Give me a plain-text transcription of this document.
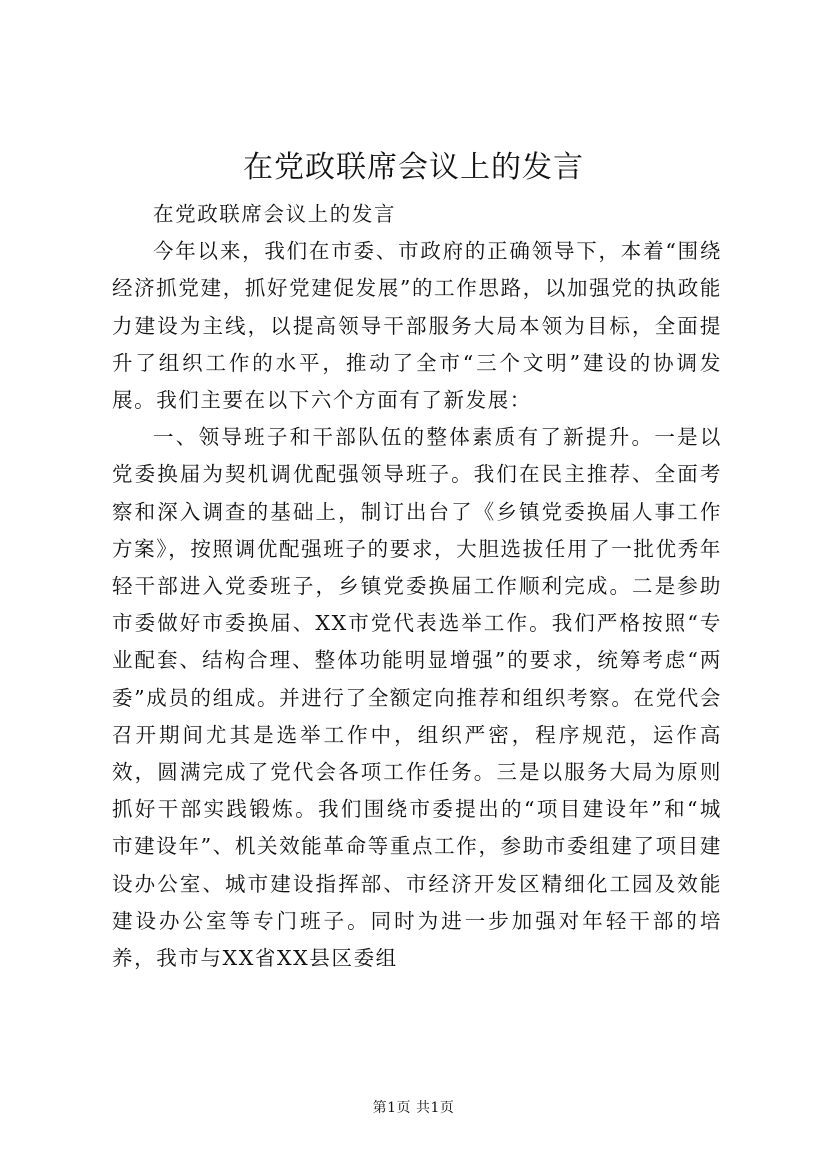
在党政联席会议上的发言

在党政联席会议上的发言

今年以来，我们在市委、市政府的正确领导下，本着“围绕经济抓党建，抓好党建促发展”的工作思路，以加强党的执政能力建设为主线，以提高领导干部服务大局本领为目标，全面提升了组织工作的水平，推动了全市“三个文明”建设的协调发展。我们主要在以下六个方面有了新发展：

一、领导班子和干部队伍的整体素质有了新提升。一是以党委换届为契机调优配强领导班子。我们在民主推荐、全面考察和深入调查的基础上，制订出台了《乡镇党委换届人事工作方案》，按照调优配强班子的要求，大胆选拔任用了一批优秀年轻干部进入党委班子，乡镇党委换届工作顺利完成。二是参助市委做好市委换届、XX市党代表选举工作。我们严格按照“专业配套、结构合理、整体功能明显增强”的要求，统筹考虑“两委”成员的组成。并进行了全额定向推荐和组织考察。在党代会召开期间尤其是选举工作中，组织严密，程序规范，运作高效，圆满完成了党代会各项工作任务。三是以服务大局为原则抓好干部实践锻炼。我们围绕市委提出的“项目建设年”和“城市建设年”、机关效能革命等重点工作，参助市委组建了项目建设办公室、城市建设指挥部、市经济开发区精细化工园及效能建设办公室等专门班子。同时为进一步加强对年轻干部的培养，我市与XX省XX县区委组

第1页 共1页
